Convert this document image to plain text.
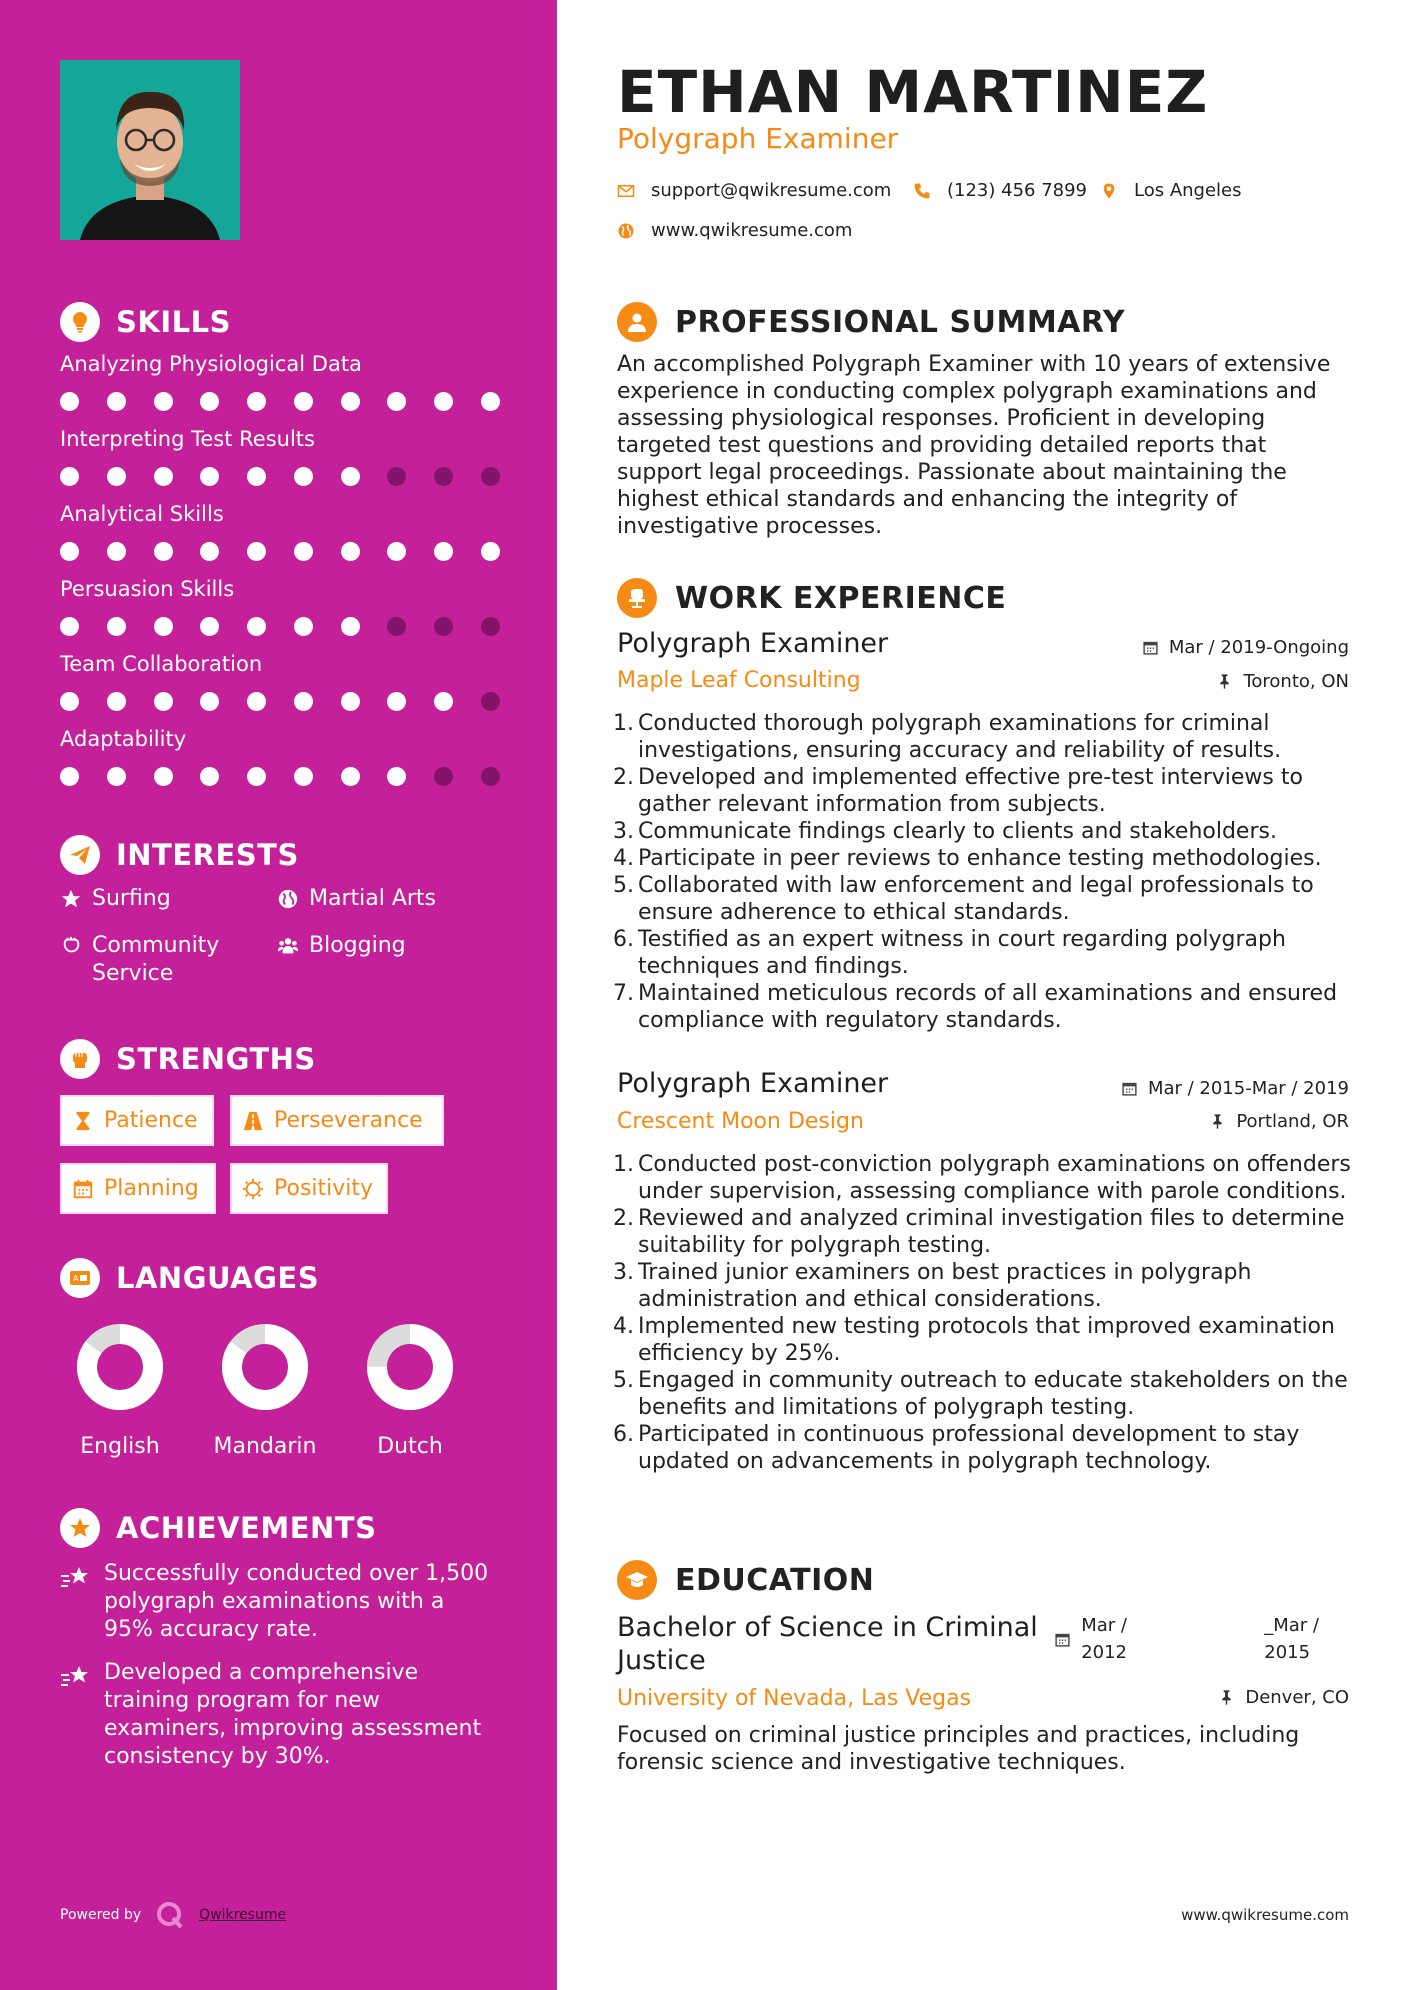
SKILLS
Analyzing Physiological Data
Interpreting Test Results
Analytical Skills
Persuasion Skills
Team Collaboration
Adaptability
INTERESTS
Surfing	Martial Arts
Community
Service
Blogging
STRENGTHS
Patience	Perseverance
Planning	Positivity
A LANGUAGES
English	Mandarin	Dutch
ACHIEVEMENTS
Successfully conducted over 1,500 polygraph examinations with a 95% accuracy rate.
Developed a comprehensive training program for new examiners, improving assessment consistency by 30%.
Powered by	Qwikresume
ETHAN MARTINEZ
Polygraph Examiner
support@qwikresume.com	(123) 456 7899	Los Angeles
www.qwikresume.com
PROFESSIONAL SUMMARY
An accomplished Polygraph Examiner with 10 years of extensive experience in conducting complex polygraph examinations and assessing physiological responses. Proficient in developing targeted test questions and providing detailed reports that support legal proceedings. Passionate about maintaining the highest ethical standards and enhancing the integrity of investigative processes.
WORK EXPERIENCE
Polygraph Examiner
Maple Leaf Consulting
Mar / 2019-Ongoing
Toronto, ON
1. Conducted thorough polygraph examinations for criminal investigations, ensuring accuracy and reliability of results.
2. Developed and implemented effective pre-test interviews to gather relevant information from subjects.
3. Communicate findings clearly to clients and stakeholders.
4. Participate in peer reviews to enhance testing methodologies.
5. Collaborated with law enforcement and legal professionals to ensure adherence to ethical standards.
6. Testified as an expert witness in court regarding polygraph techniques and findings.
7. Maintained meticulous records of all examinations and ensured compliance with regulatory standards.
Polygraph Examiner
Crescent Moon Design
Mar / 2015-Mar / 2019
Portland, OR
1. Conducted post-conviction polygraph examinations on offenders under supervision, assessing compliance with parole conditions.
2. Reviewed and analyzed criminal investigation files to determine suitability for polygraph testing.
3. Trained junior examiners on best practices in polygraph administration and ethical considerations.
4. Implemented new testing protocols that improved examination efficiency by 25%.
5. Engaged in community outreach to educate stakeholders on the benefits and limitations of polygraph testing.
6. Participated in continuous professional development to stay updated on advancements in polygraph technology.
EDUCATION
Bachelor of Science in Criminal Justice
University of Nevada, Las Vegas
Mar /
2012
_Mar /
2015
Denver, CO
Focused on criminal justice principles and practices, including forensic science and investigative techniques.
www.qwikresume.com
